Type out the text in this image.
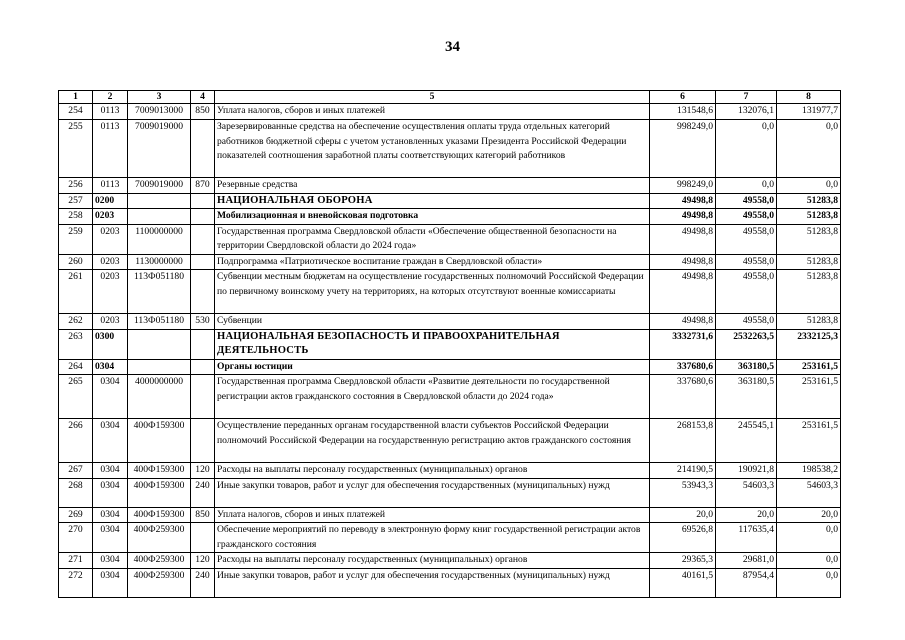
34
1	2	3	4	5	6	7	8
254	0113	7009013000	850	Уплата налогов, сборов и иных платежей	131548,6	132076,1	131977,7
255	0113	7009019000		Зарезервированные средства на обеспечение осуществления оплаты труда отдельных категорий работников бюджетной сферы с учетом установленных указами Президента Российской Федерации показателей соотношения заработной платы соответствующих категорий работников	998249,0	0,0	0,0
256	0113	7009019000	870	Резервные средства	998249,0	0,0	0,0
257	0200			НАЦИОНАЛЬНАЯ ОБОРОНА	49498,8	49558,0	51283,8
258	0203			Мобилизационная и вневойсковая подготовка	49498,8	49558,0	51283,8
259	0203	1100000000		Государственная программа Свердловской области «Обеспечение общественной безопасности на территории Свердловской области до 2024 года»	49498,8	49558,0	51283,8
260	0203	1130000000		Подпрограмма «Патриотическое воспитание граждан в Свердловской области»	49498,8	49558,0	51283,8
261	0203	113Ф051180		Субвенции местным бюджетам на осуществление государственных полномочий Российской Федерации по первичному воинскому учету на территориях, на которых отсутствуют военные комиссариаты	49498,8	49558,0	51283,8
262	0203	113Ф051180	530	Субвенции	49498,8	49558,0	51283,8
263	0300			НАЦИОНАЛЬНАЯ БЕЗОПАСНОСТЬ И ПРАВООХРАНИТЕЛЬНАЯ ДЕЯТЕЛЬНОСТЬ	3332731,6	2532263,5	2332125,3
264	0304			Органы юстиции	337680,6	363180,5	253161,5
265	0304	4000000000		Государственная программа Свердловской области «Развитие деятельности по государственной регистрации актов гражданского состояния в Свердловской области до 2024 года»	337680,6	363180,5	253161,5
266	0304	400Ф159300		Осуществление переданных органам государственной власти субъектов Российской Федерации полномочий Российской Федерации на государственную регистрацию актов гражданского состояния	268153,8	245545,1	253161,5
267	0304	400Ф159300	120	Расходы на выплаты персоналу государственных (муниципальных) органов	214190,5	190921,8	198538,2
268	0304	400Ф159300	240	Иные закупки товаров, работ и услуг для обеспечения государственных (муниципальных) нужд	53943,3	54603,3	54603,3
269	0304	400Ф159300	850	Уплата налогов, сборов и иных платежей	20,0	20,0	20,0
270	0304	400Ф259300		Обеспечение мероприятий по переводу в электронную форму книг государственной регистрации актов гражданского состояния	69526,8	117635,4	0,0
271	0304	400Ф259300	120	Расходы на выплаты персоналу государственных (муниципальных) органов	29365,3	29681,0	0,0
272	0304	400Ф259300	240	Иные закупки товаров, работ и услуг для обеспечения государственных (муниципальных) нужд	40161,5	87954,4	0,0
